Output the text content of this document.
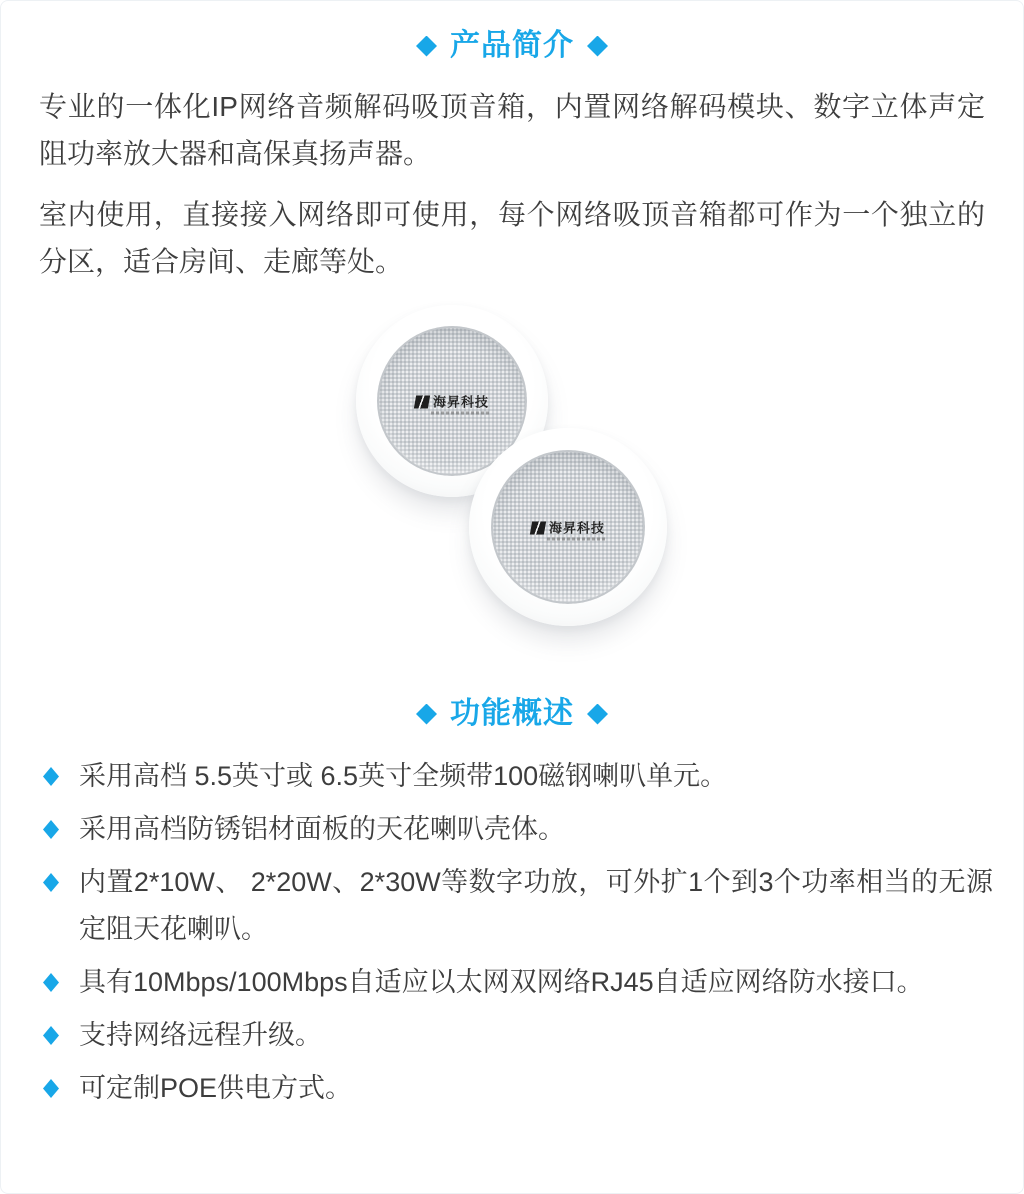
产品简介

专业的一体化IP网络音频解码吸顶音箱，内置网络解码模块、数字立体声定阻功率放大器和高保真扬声器。

室内使用，直接接入网络即可使用，每个网络吸顶音箱都可作为一个独立的分区，适合房间、走廊等处。

海昇科技
海昇科技
功能概述
采用高档 5.5英寸或 6.5英寸全频带100磁钢喇叭单元。
采用高档防锈铝材面板的天花喇叭壳体。
内置2*10W、 2*20W、2*30W等数字功放，可外扩1个到3个功率相当的无源定阻天花喇叭。
具有10Mbps/100Mbps自适应以太网双网络RJ45自适应网络防水接口。
支持网络远程升级。
可定制POE供电方式。
